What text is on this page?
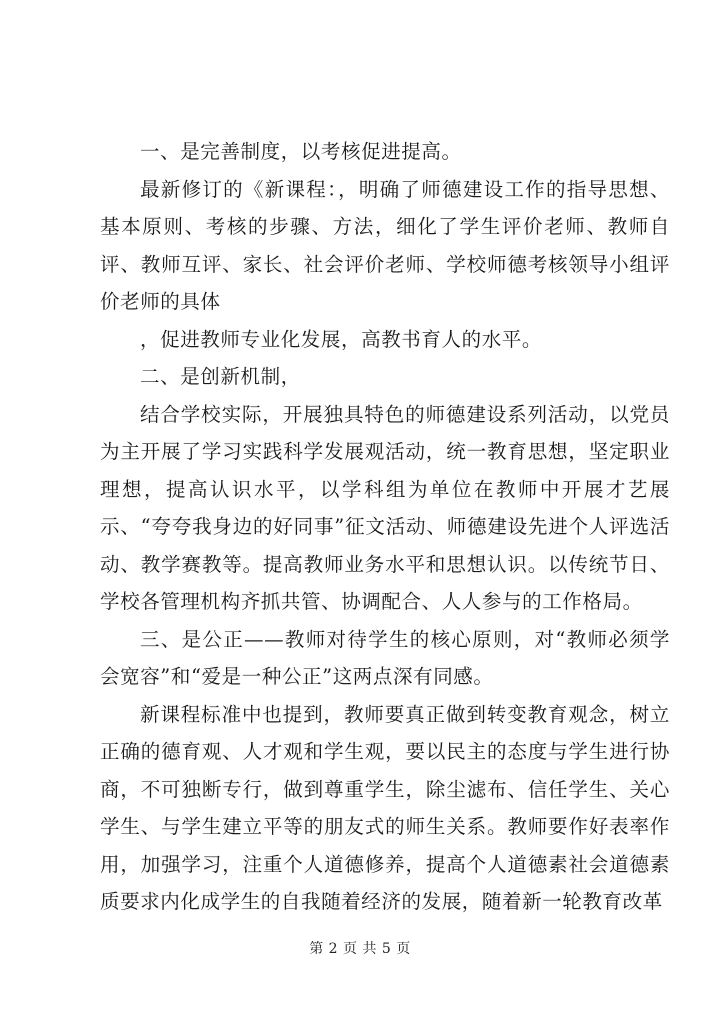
一、是完善制度，以考核促进提高。

最新修订的《新课程：，明确了师德建设工作的指导思想、基本原则、考核的步骤、方法，细化了学生评价老师、教师自评、教师互评、家长、社会评价老师、学校师德考核领导小组评价老师的具体

，促进教师专业化发展，高教书育人的水平。

二、是创新机制，

结合学校实际，开展独具特色的师德建设系列活动，以党员为主开展了学习实践科学发展观活动，统一教育思想，坚定职业理想，提高认识水平，以学科组为单位在教师中开展才艺展示、“夸夸我身边的好同事”征文活动、师德建设先进个人评选活动、教学赛教等。提高教师业务水平和思想认识。以传统节日、学校各管理机构齐抓共管、协调配合、人人参与的工作格局。

三、是公正——教师对待学生的核心原则，对“教师必须学会宽容”和“爱是一种公正”这两点深有同感。

新课程标准中也提到，教师要真正做到转变教育观念，树立正确的德育观、人才观和学生观，要以民主的态度与学生进行协商，不可独断专行，做到尊重学生，除尘滤布、信任学生、关心学生、与学生建立平等的朋友式的师生关系。教师要作好表率作用，加强学习，注重个人道德修养，提高个人道德素社会道德素质要求内化成学生的自我随着经济的发展，随着新一轮教育改革

第 2 页 共 5 页
